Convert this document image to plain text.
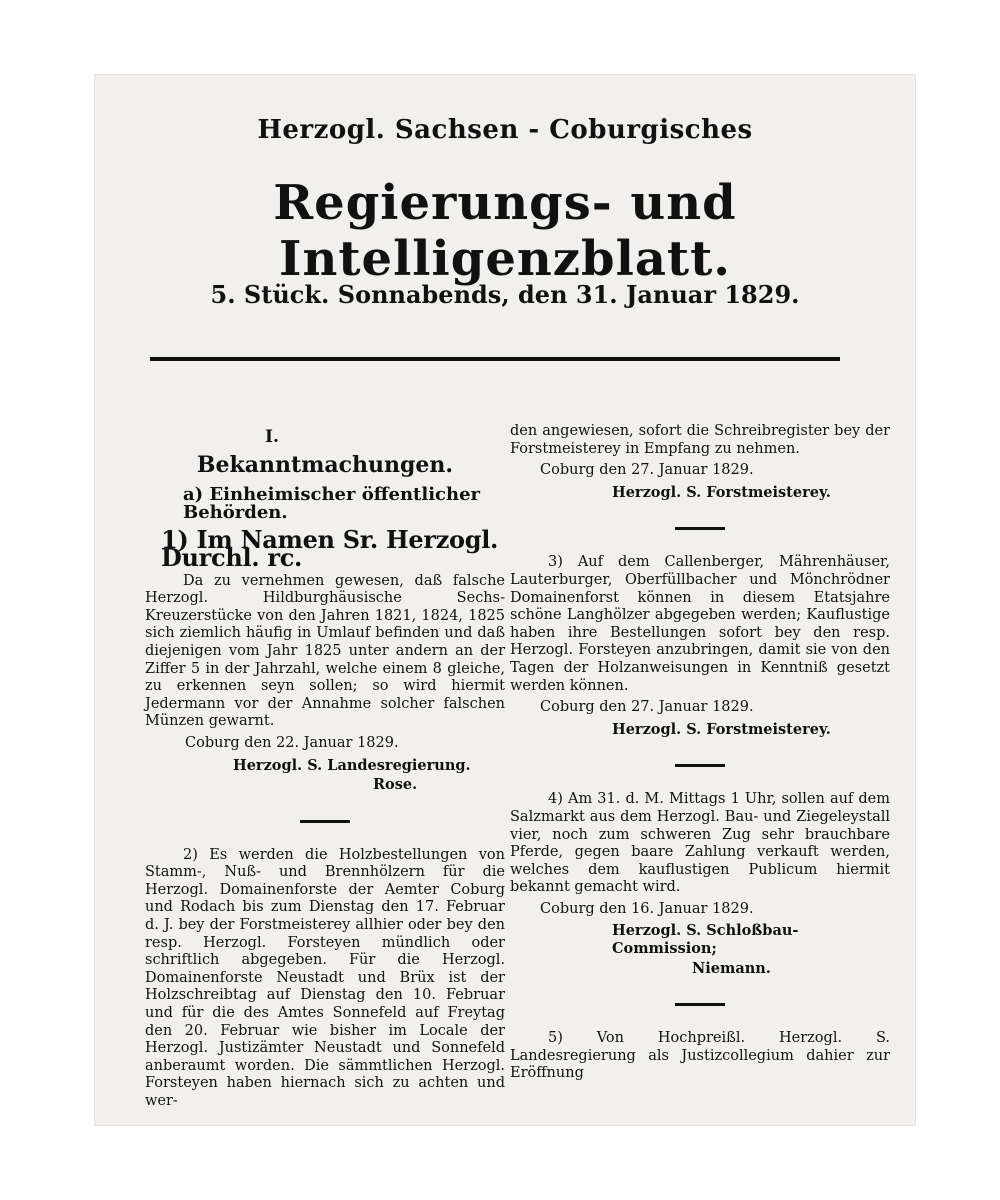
Herzogl. Sachsen - Coburgisches
Regierungs- und Intelligenzblatt.
5. Stück. Sonnabends, den 31. Januar 1829.

I.

Bekanntmachungen.

a) Einheimischer öffentlicher Behörden.

1) Im Namen Sr. Herzogl. Durchl. rc.

Da zu vernehmen gewesen, daß falsche Herzogl. Hildburghäusische Sechs-Kreuzerstücke von den Jahren 1821, 1824, 1825 sich ziemlich häufig in Umlauf befinden und daß diejenigen vom Jahr 1825 unter andern an der Ziffer 5 in der Jahrzahl, welche einem 8 gleiche, zu erkennen seyn sollen; so wird hiermit Jedermann vor der Annahme solcher falschen Münzen gewarnt.

Coburg den 22. Januar 1829.

Herzogl. S. Landesregierung.

Rose.

2) Es werden die Holzbestellungen von Stamm-, Nuß- und Brennhölzern für die Herzogl. Domainenforste der Aemter Coburg und Rodach bis zum Dienstag den 17. Februar d. J. bey der Forstmeisterey allhier oder bey den resp. Herzogl. Forsteyen mündlich oder schriftlich abgegeben. Für die Herzogl. Domainenforste Neustadt und Brüx ist der Holzschreibtag auf Dienstag den 10. Februar und für die des Amtes Sonnefeld auf Freytag den 20. Februar wie bisher im Locale der Herzogl. Justizämter Neustadt und Sonnefeld anberaumt worden. Die sämmtlichen Herzogl. Forsteyen haben hiernach sich zu achten und wer-

den angewiesen, sofort die Schreibregister bey der Forstmeisterey in Empfang zu nehmen.

Coburg den 27. Januar 1829.

Herzogl. S. Forstmeisterey.

3) Auf dem Callenberger, Mährenhäuser, Lauterburger, Oberfüllbacher und Mönchrödner Domainenforst können in diesem Etatsjahre schöne Langhölzer abgegeben werden; Kauflustige haben ihre Bestellungen sofort bey den resp. Herzogl. Forsteyen anzubringen, damit sie von den Tagen der Holzanweisungen in Kenntniß gesetzt werden können.

Coburg den 27. Januar 1829.

Herzogl. S. Forstmeisterey.

4) Am 31. d. M. Mittags 1 Uhr, sollen auf dem Salzmarkt aus dem Herzogl. Bau- und Ziegeleystall vier, noch zum schweren Zug sehr brauchbare Pferde, gegen baare Zahlung verkauft werden, welches dem kauflustigen Publicum hiermit bekannt gemacht wird.

Coburg den 16. Januar 1829.

Herzogl. S. Schloßbau-Commission;

Niemann.

5) Von Hochpreißl. Herzogl. S. Landesregierung als Justizcollegium dahier zur Eröffnung
